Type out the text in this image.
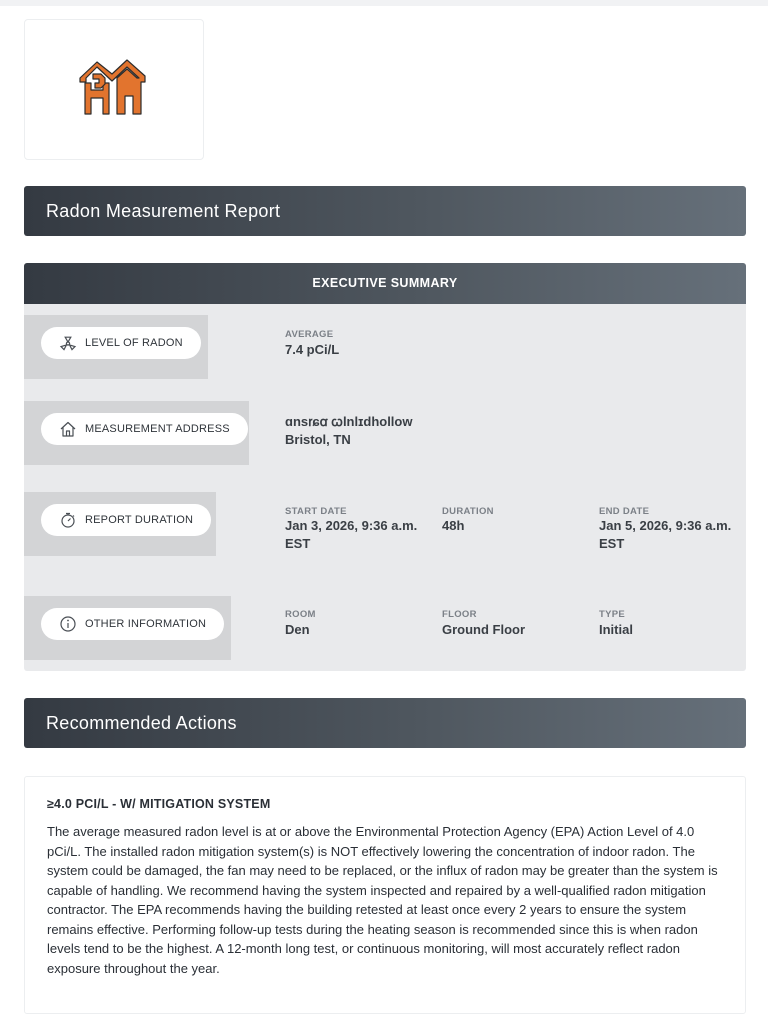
Radon Measurement Report
EXECUTIVE SUMMARY
LEVEL OF RADON
AVERAGE
7.4 pCi/L
MEASUREMENT ADDRESS	ɑnsꭇɕꭤ ꞷlnlɪdhollow
Bristol, TN
REPORT DURATION
START DATE
Jan 3, 2026, 9:36 a.m. EST
DURATION
48h
END DATE
Jan 5, 2026, 9:36 a.m. EST
OTHER INFORMATION
ROOM
Den
FLOOR
Ground Floor
TYPE
Initial
Recommended Actions
≥4.0 PCI/L - W/ MITIGATION SYSTEM
The average measured radon level is at or above the Environmental Protection Agency (EPA) Action Level of 4.0 pCi/L. The installed radon mitigation system(s) is NOT effectively lowering the concentration of indoor radon. The system could be damaged, the fan may need to be replaced, or the influx of radon may be greater than the system is capable of handling. We recommend having the system inspected and repaired by a well-qualified radon mitigation contractor. The EPA recommends having the building retested at least once every 2 years to ensure the system remains effective. Performing follow-up tests during the heating season is recommended since this is when radon levels tend to be the highest. A 12-month long test, or continuous monitoring, will most accurately reflect radon exposure throughout the year.
